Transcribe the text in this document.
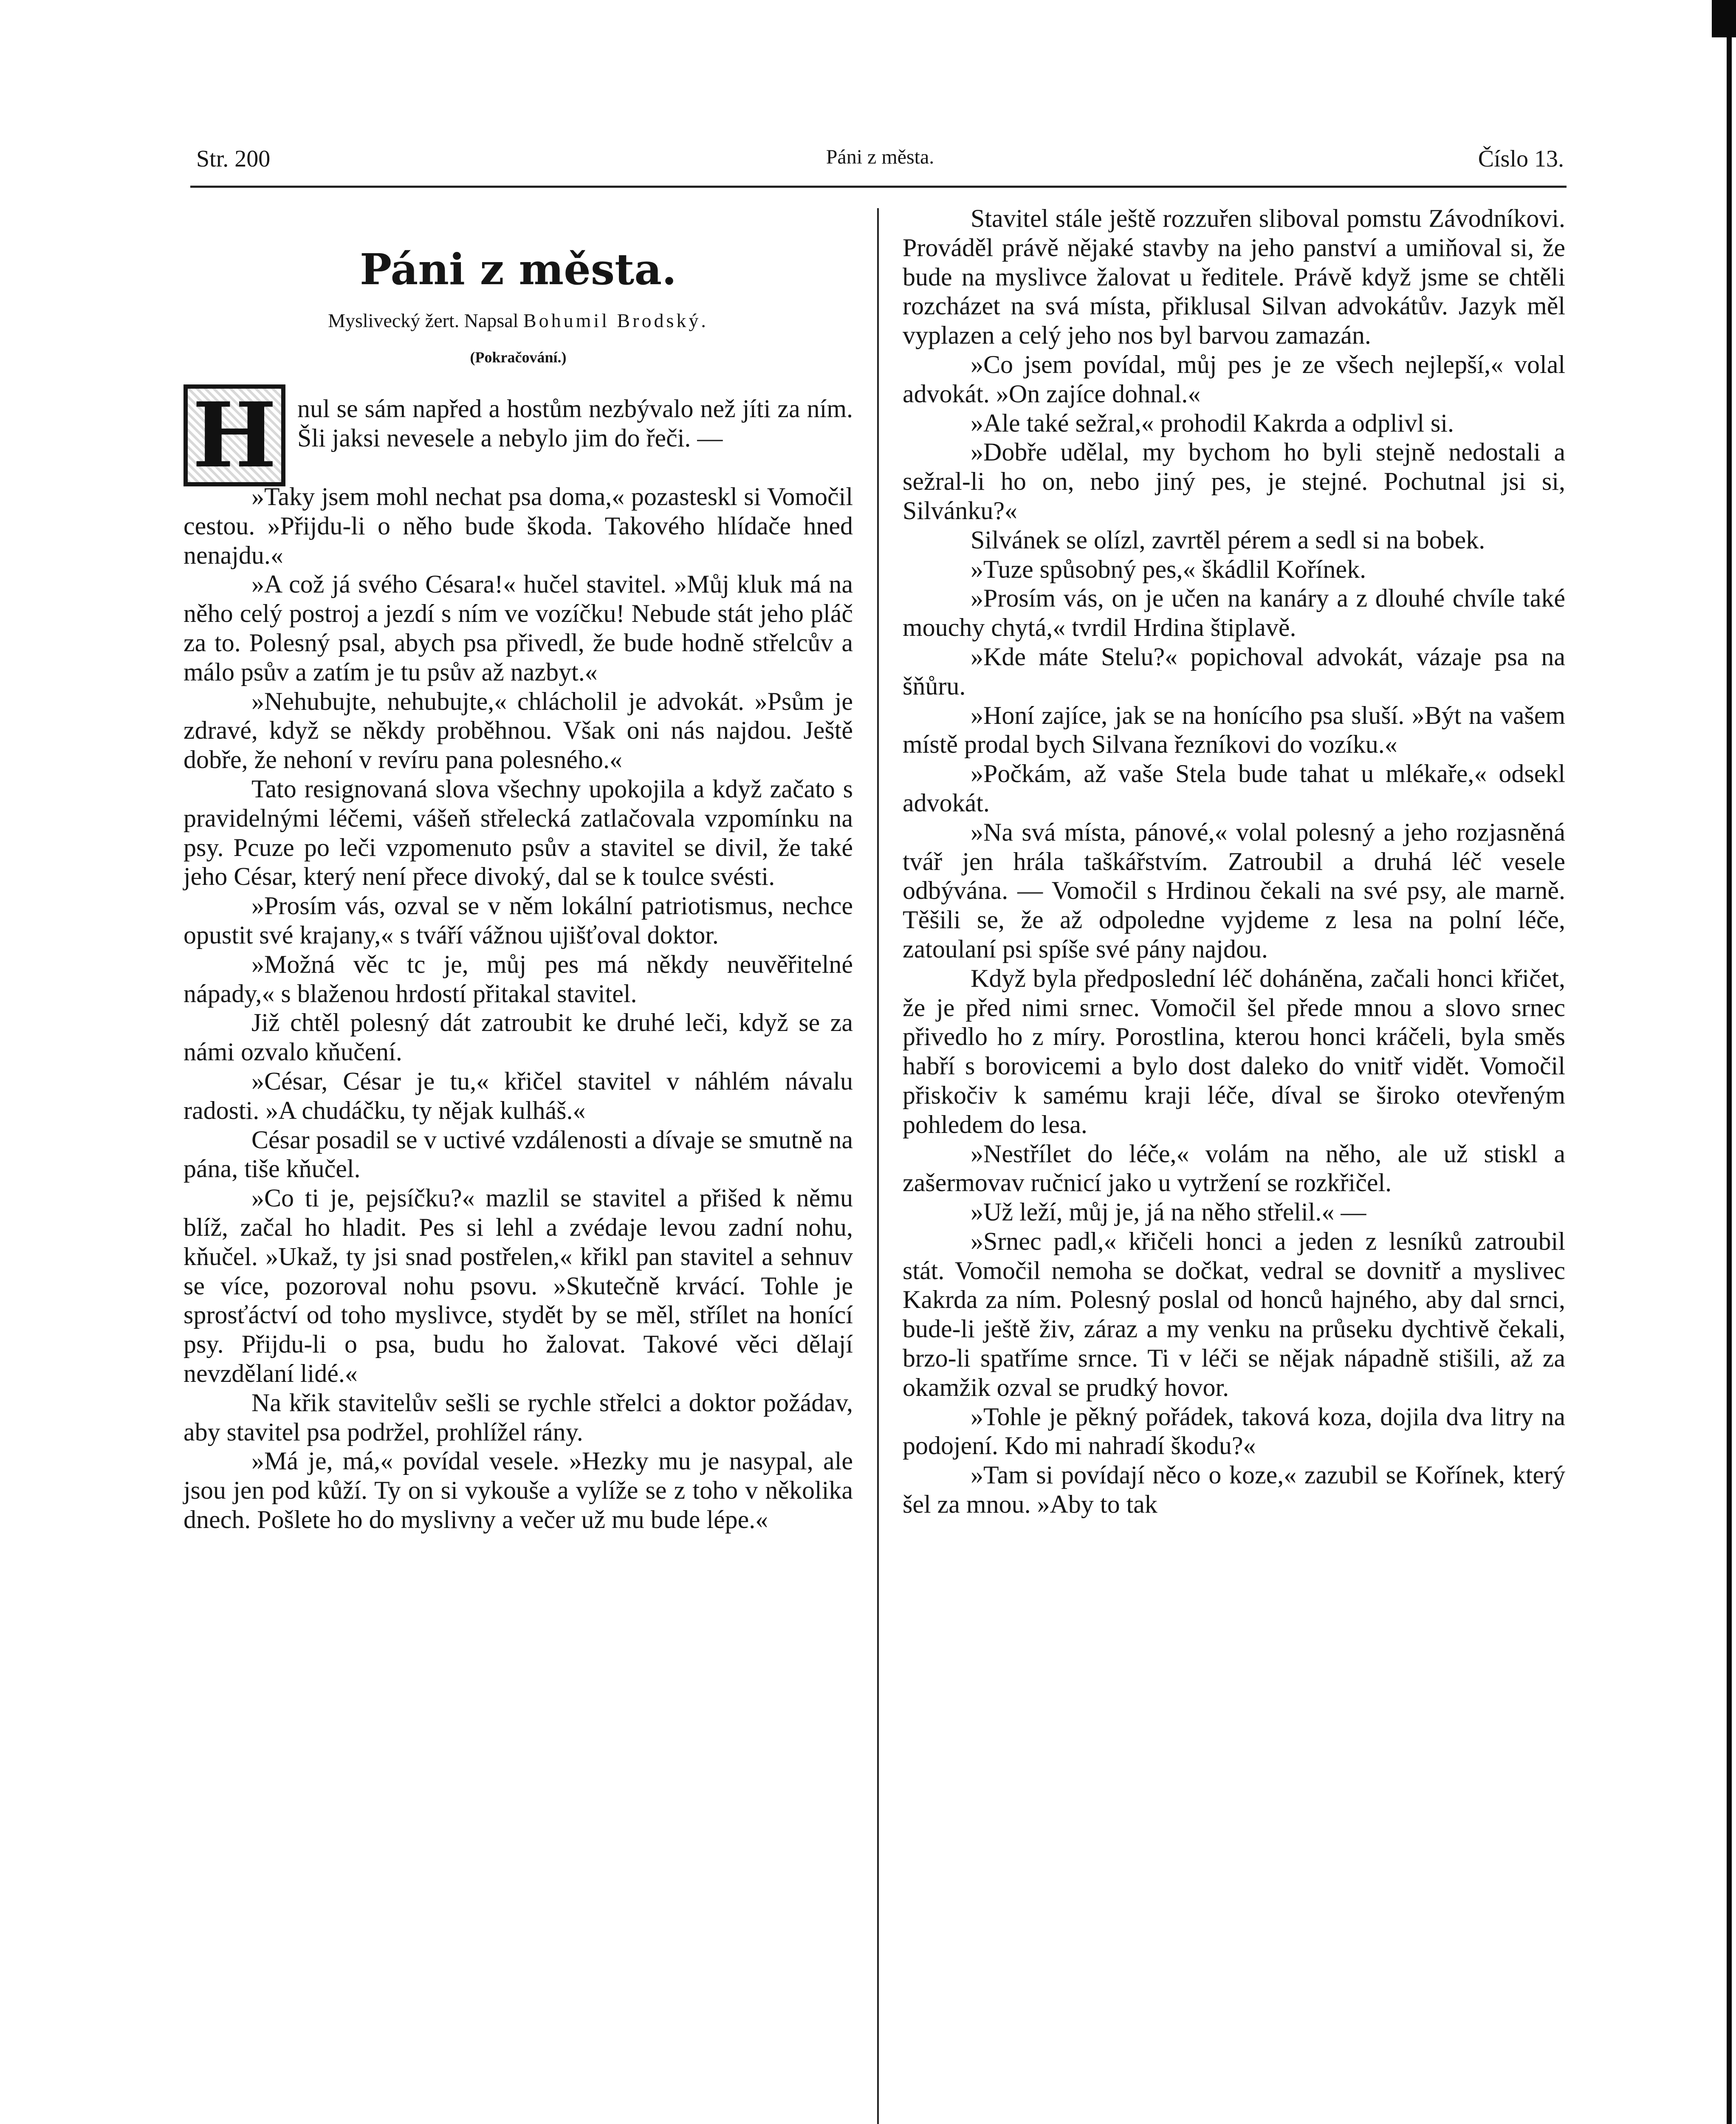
Str. 200	Páni z města.	Číslo 13.
Páni z města.
Myslivecký žert. Napsal Bohumil Brodský.
(Pokračování.)
H nul se sám napřed a hostům nezbývalo než jíti za ním. Šli jaksi nevesele a nebylo jim do řeči. —

»Taky jsem mohl nechat psa doma,« pozasteskl si Vomočil cestou. »Přijdu-li o něho bude škoda. Takového hlídače hned nenajdu.«

»A což já svého Césara!« hučel stavitel. »Můj kluk má na něho celý postroj a jezdí s ním ve vozíčku! Nebude stát jeho pláč za to. Polesný psal, abych psa přivedl, že bude hodně střelcův a málo psův a zatím je tu psův až nazbyt.«

»Nehubujte, nehubujte,« chlácholil je advokát. »Psům je zdravé, když se někdy proběhnou. Však oni nás najdou. Ještě dobře, že nehoní v revíru pana polesného.«

Tato resignovaná slova všechny upokojila a když začato s pravidelnými léčemi, vášeň střelecká zatlačovala vzpomínku na psy. Pcuze po leči vzpomenuto psův a stavitel se divil, že také jeho César, který není přece divoký, dal se k toulce svésti.

»Prosím vás, ozval se v něm lokální patriotismus, nechce opustit své krajany,« s tváří vážnou ujišťoval doktor.

»Možná věc tc je, můj pes má někdy neuvěřitelné nápady,« s blaženou hrdostí přitakal stavitel.

Již chtěl polesný dát zatroubit ke druhé leči, když se za námi ozvalo kňučení.

»César, César je tu,« křičel stavitel v náhlém návalu radosti. »A chudáčku, ty nějak kulháš.«

César posadil se v uctivé vzdálenosti a dívaje se smutně na pána, tiše kňučel.

»Co ti je, pejsíčku?« mazlil se stavitel a přišed k němu blíž, začal ho hladit. Pes si lehl a zvédaje levou zadní nohu, kňučel. »Ukaž, ty jsi snad postřelen,« křikl pan stavitel a sehnuv se více, pozoroval nohu psovu. »Skutečně krvácí. Tohle je sprosťáctví od toho myslivce, stydět by se měl, střílet na honící psy. Přijdu-li o psa, budu ho žalovat. Takové věci dělají nevzdělaní lidé.«

Na křik stavitelův sešli se rychle střelci a doktor požádav, aby stavitel psa podržel, prohlížel rány.

»Má je, má,« povídal vesele. »Hezky mu je nasypal, ale jsou jen pod kůží. Ty on si vykouše a vylíže se z toho v několika dnech. Pošlete ho do myslivny a večer už mu bude lépe.«

Stavitel stále ještě rozzuřen sliboval pomstu Závodníkovi. Prováděl právě nějaké stavby na jeho panství a umiňoval si, že bude na myslivce žalovat u ředitele. Právě když jsme se chtěli rozcházet na svá místa, přiklusal Silvan advokátův. Jazyk měl vyplazen a celý jeho nos byl barvou zamazán.

»Co jsem povídal, můj pes je ze všech nejlepší,« volal advokát. »On zajíce dohnal.«

»Ale také sežral,« prohodil Kakrda a odplivl si.

»Dobře udělal, my bychom ho byli stejně nedostali a sežral-li ho on, nebo jiný pes, je stejné. Pochutnal jsi si, Silvánku?«

Silvánek se olízl, zavrtěl pérem a sedl si na bobek.

»Tuze spůsobný pes,« škádlil Kořínek.

»Prosím vás, on je učen na kanáry a z dlouhé chvíle také mouchy chytá,« tvrdil Hrdina štiplavě.

»Kde máte Stelu?« popichoval advokát, vázaje psa na šňůru.

»Honí zajíce, jak se na honícího psa sluší. »Být na vašem místě prodal bych Silvana řezníkovi do vozíku.«

»Počkám, až vaše Stela bude tahat u mlékaře,« odsekl advokát.

»Na svá místa, pánové,« volal polesný a jeho rozjasněná tvář jen hrála taškářstvím. Zatroubil a druhá léč vesele odbývána. — Vomočil s Hrdinou čekali na své psy, ale marně. Těšili se, že až odpoledne vyjdeme z lesa na polní léče, zatoulaní psi spíše své pány najdou.

Když byla předposlední léč doháněna, začali honci křičet, že je před nimi srnec. Vomočil šel přede mnou a slovo srnec přivedlo ho z míry. Porostlina, kterou honci kráčeli, byla směs habří s borovicemi a bylo dost daleko do vnitř vidět. Vomočil přiskočiv k samému kraji léče, díval se široko otevřeným pohledem do lesa.

»Nestřílet do léče,« volám na něho, ale už stiskl a zašermovav ručnicí jako u vytržení se rozkřičel.

»Už leží, můj je, já na něho střelil.« —

»Srnec padl,« křičeli honci a jeden z lesníků zatroubil stát. Vomočil nemoha se dočkat, vedral se dovnitř a myslivec Kakrda za ním. Polesný poslal od honců hajného, aby dal srnci, bude-li ještě živ, záraz a my venku na průseku dychtivě čekali, brzo-li spatříme srnce. Ti v léči se nějak nápadně stišili, až za okamžik ozval se prudký hovor.

»Tohle je pěkný pořádek, taková koza, dojila dva litry na podojení. Kdo mi nahradí škodu?«

»Tam si povídají něco o koze,« zazubil se Kořínek, který šel za mnou. »Aby to tak
